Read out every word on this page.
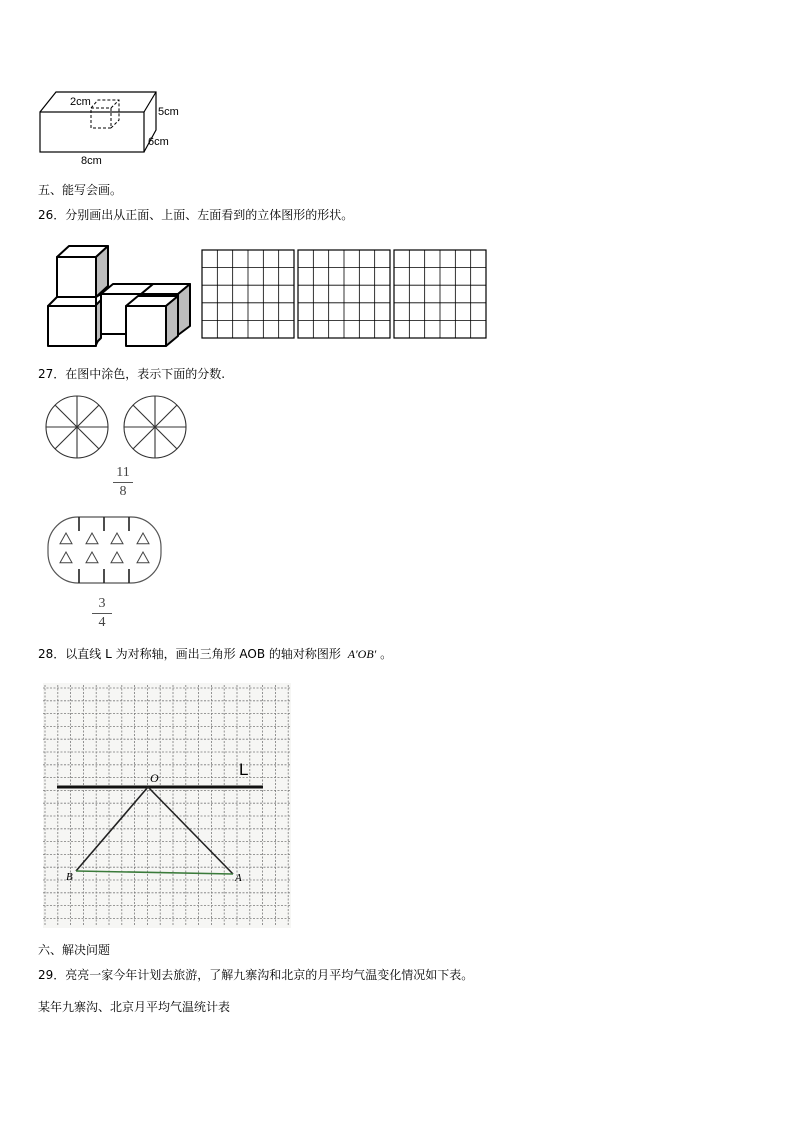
2cm
5cm
6cm
8cm
五、能写会画。
26．分别画出从正面、上面、左面看到的立体图形的形状。
27．在图中涂色，表示下面的分数.
11
8
3
4
28．以直线 L 为对称轴，画出三角形 AOB 的轴对称图形 A′OB′ 。
L
O
B	A
六、解决问题
29．亮亮一家今年计划去旅游，了解九寨沟和北京的月平均气温变化情况如下表。
某年九寨沟、北京月平均气温统计表
